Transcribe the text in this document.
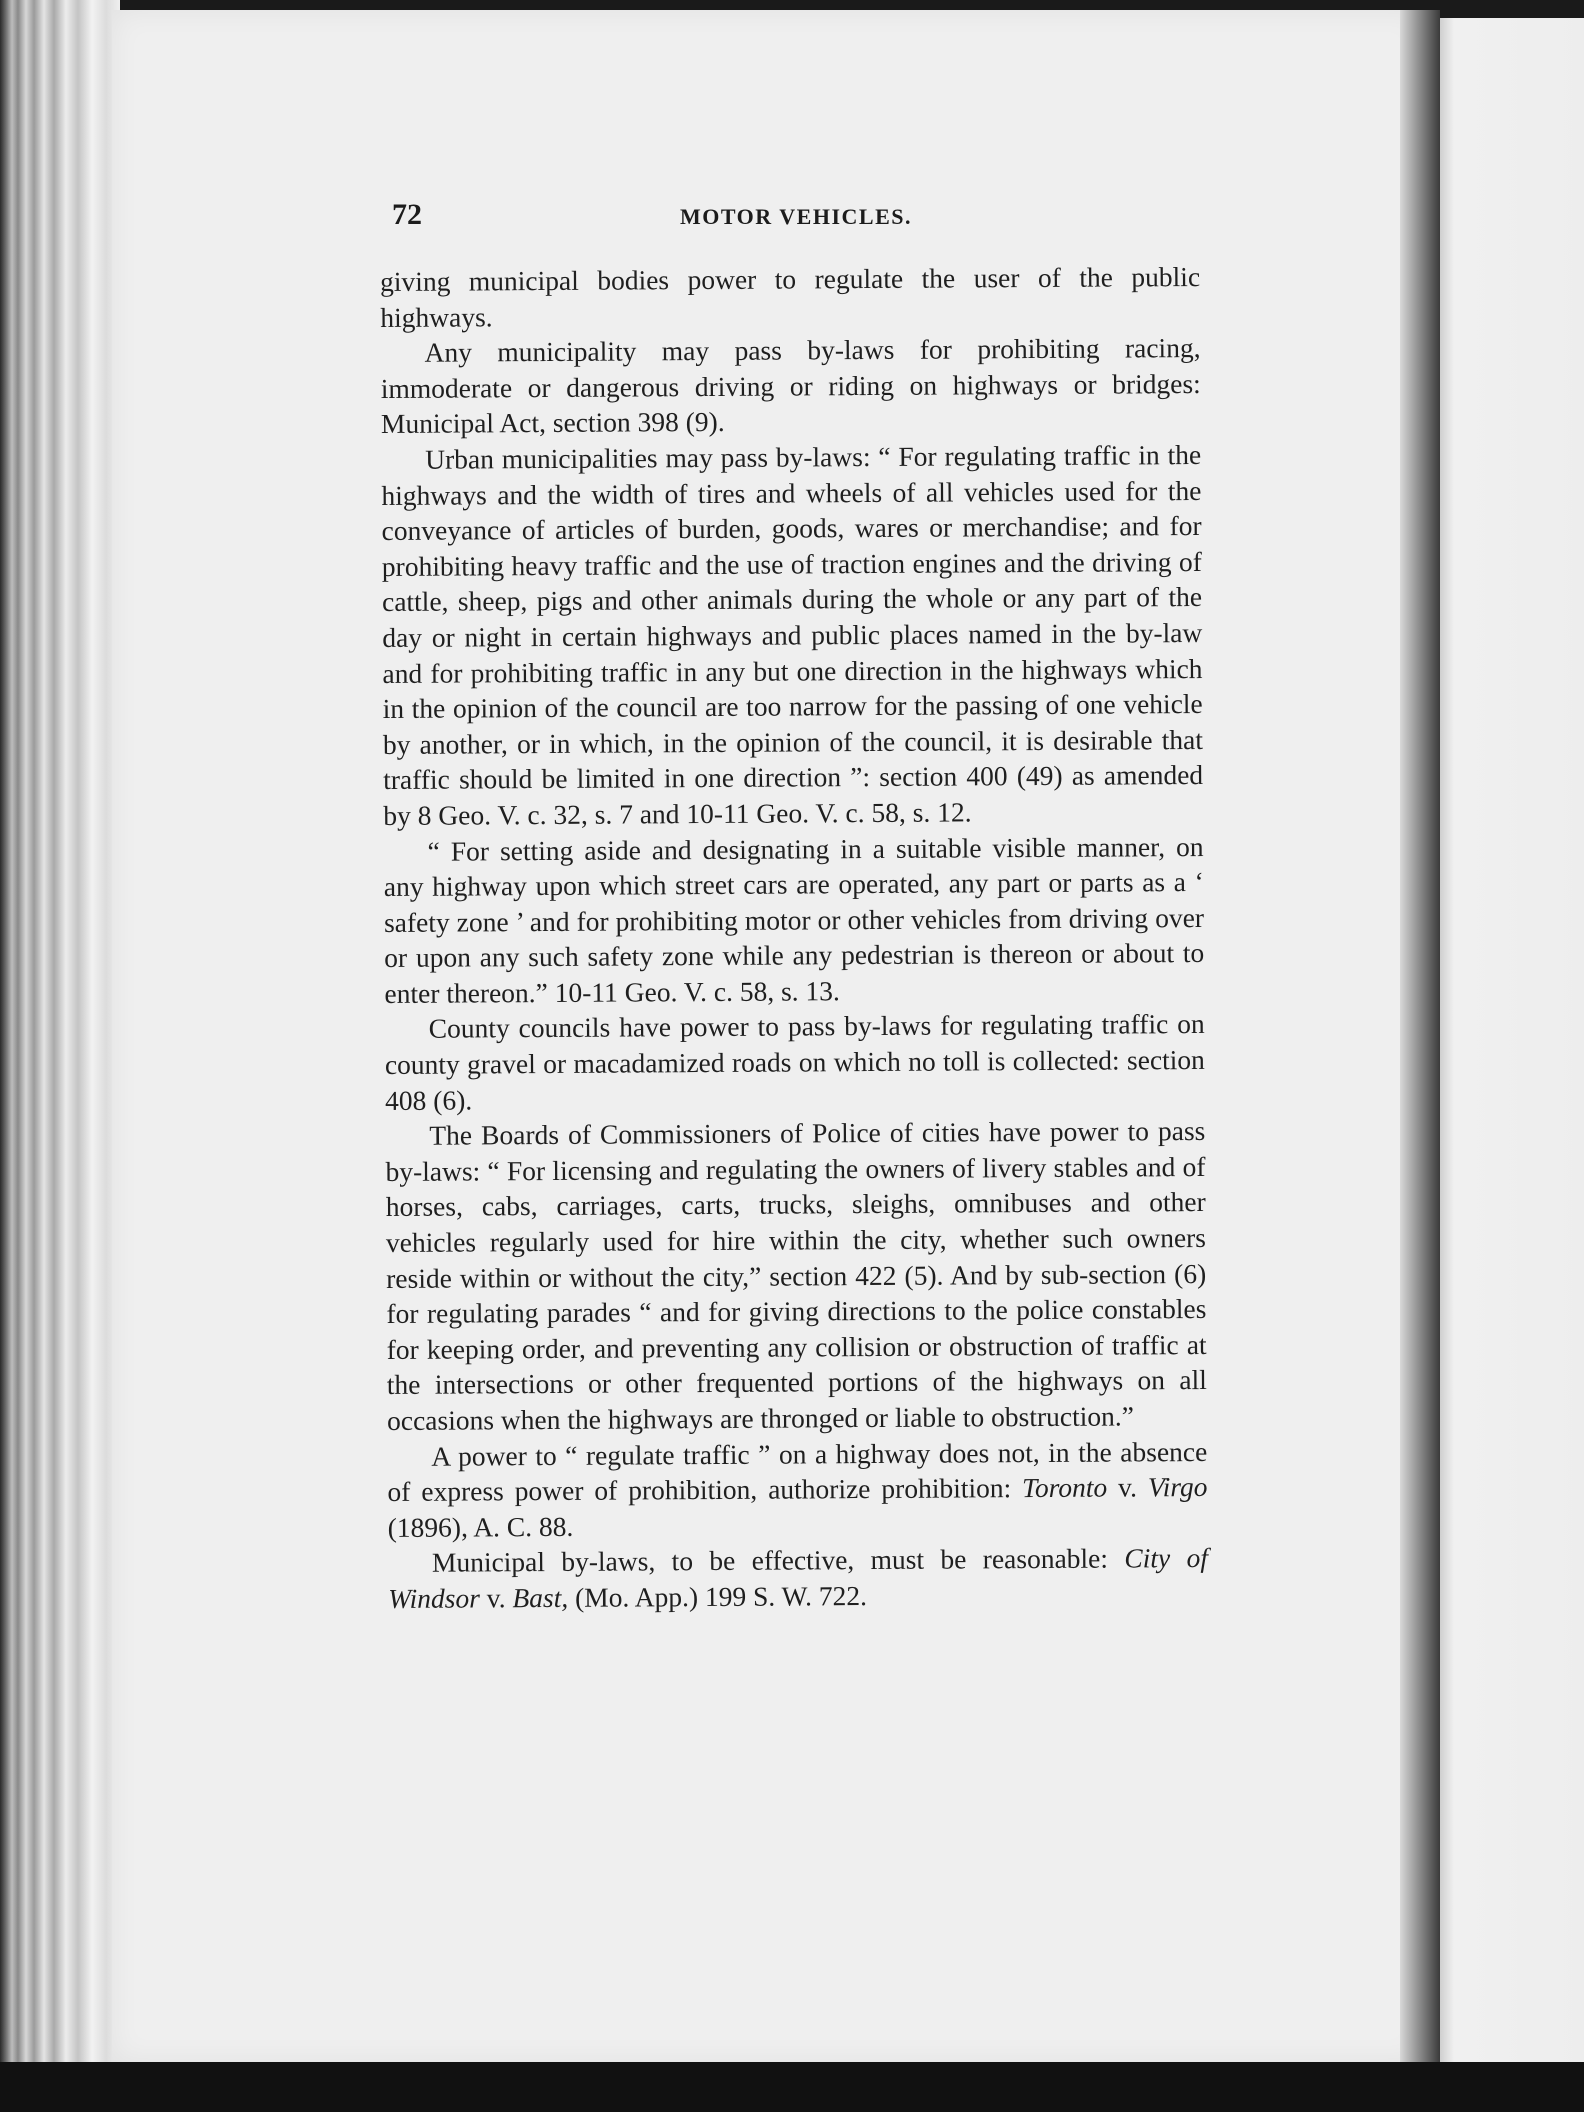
72	MOTOR VEHICLES.

giving municipal bodies power to regulate the user of the public highways.

Any municipality may pass by-laws for prohibiting racing, immoderate or dangerous driving or riding on highways or bridges: Municipal Act, section 398 (9).

Urban municipalities may pass by-laws: “ For regulating traffic in the highways and the width of tires and wheels of all vehicles used for the conveyance of articles of burden, goods, wares or merchandise; and for prohibiting heavy traffic and the use of traction engines and the driving of cattle, sheep, pigs and other animals during the whole or any part of the day or night in certain highways and public places named in the by-law and for prohibiting traffic in any but one direction in the highways which in the opinion of the council are too narrow for the passing of one vehicle by another, or in which, in the opinion of the council, it is desirable that traffic should be limited in one direction ”: section 400 (49) as amended by 8 Geo. V. c. 32, s. 7 and 10-11 Geo. V. c. 58, s. 12.

“ For setting aside and designating in a suitable visible manner, on any highway upon which street cars are operated, any part or parts as a ‘ safety zone ’ and for prohibiting motor or other vehicles from driving over or upon any such safety zone while any pedestrian is thereon or about to enter thereon.” 10-11 Geo. V. c. 58, s. 13.

County councils have power to pass by-laws for regulating traffic on county gravel or macadamized roads on which no toll is collected: section 408 (6).

The Boards of Commissioners of Police of cities have power to pass by-laws: “ For licensing and regulating the owners of livery stables and of horses, cabs, carriages, carts, trucks, sleighs, omnibuses and other vehicles regularly used for hire within the city, whether such owners reside within or without the city,” section 422 (5). And by sub-section (6) for regulating parades “ and for giving directions to the police constables for keeping order, and preventing any collision or obstruction of traffic at the intersections or other frequented portions of the highways on all occasions when the highways are thronged or liable to obstruction.”

A power to “ regulate traffic ” on a highway does not, in the absence of express power of prohibition, authorize prohibition: Toronto v. Virgo (1896), A. C. 88.

Municipal by-laws, to be effective, must be reasonable: City of Windsor v. Bast, (Mo. App.) 199 S. W. 722.
